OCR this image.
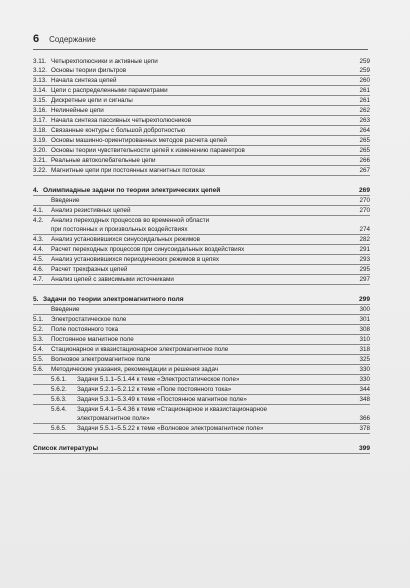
6 Содержание
3.11. Четырехполюсники и активные цепи	259
3.12. Основы теории фильтров	259
3.13. Начала синтеза цепей	260
3.14. Цепи с распределенными параметрами	261
3.15. Дискретные цепи и сигналы	261
3.16. Нелинейные цепи	262
3.17. Начала синтеза пассивных четырехполюсников	263
3.18. Связанные контуры с большой добротностью	264
3.19. Основы машинно-ориентированных методов расчета цепей	265
3.20. Основы теории чувствительности цепей к изменению параметров	265
3.21. Реальные автоколебательные цепи	266
3.22. Магнитные цепи при постоянных магнитных потоках	267
4. Олимпиадные задачи по теории электрических цепей	269
Введение	270
4.1.	Анализ резистивных цепей	270
4.2.	Анализ переходных процессов во временной области
при постоянных и произвольных воздействиях	274
4.3.	Анализ установившихся синусоидальных режимов	282
4.4.	Расчет переходных процессов при синусоидальных воздействиях	291
4.5.	Анализ установившихся периодических режимов в цепях	293
4.6.	Расчет трехфазных цепей	295
4.7.	Анализ цепей с зависимыми источниками	297
5. Задачи по теории электромагнитного поля	299
Введение	300
5.1.	Электростатическое поле	301
5.2.	Поле постоянного тока	308
5.3.	Постоянное магнитное поле	310
5.4.	Стационарное и квазистационарное электромагнитное поле	318
5.5.	Волновое электромагнитное поле	325
5.6.	Методические указания, рекомендации и решения задач	330
5.6.1.	Задачи 5.1.1–5.1.44 к теме «Электростатическое поле»	330
5.6.2.	Задачи 5.2.1–5.2.12 к теме «Поле постоянного тока»	344
5.6.3.	Задачи 5.3.1–5.3.49 к теме «Постоянное магнитное поле»	348
5.6.4.	Задачи 5.4.1–5.4.36 к теме «Стационарное и квазистационарное
электромагнитное поле»	366
5.6.5.	Задачи 5.5.1–5.5.22 к теме «Волновое электромагнитное поле»	378
Список литературы	399
